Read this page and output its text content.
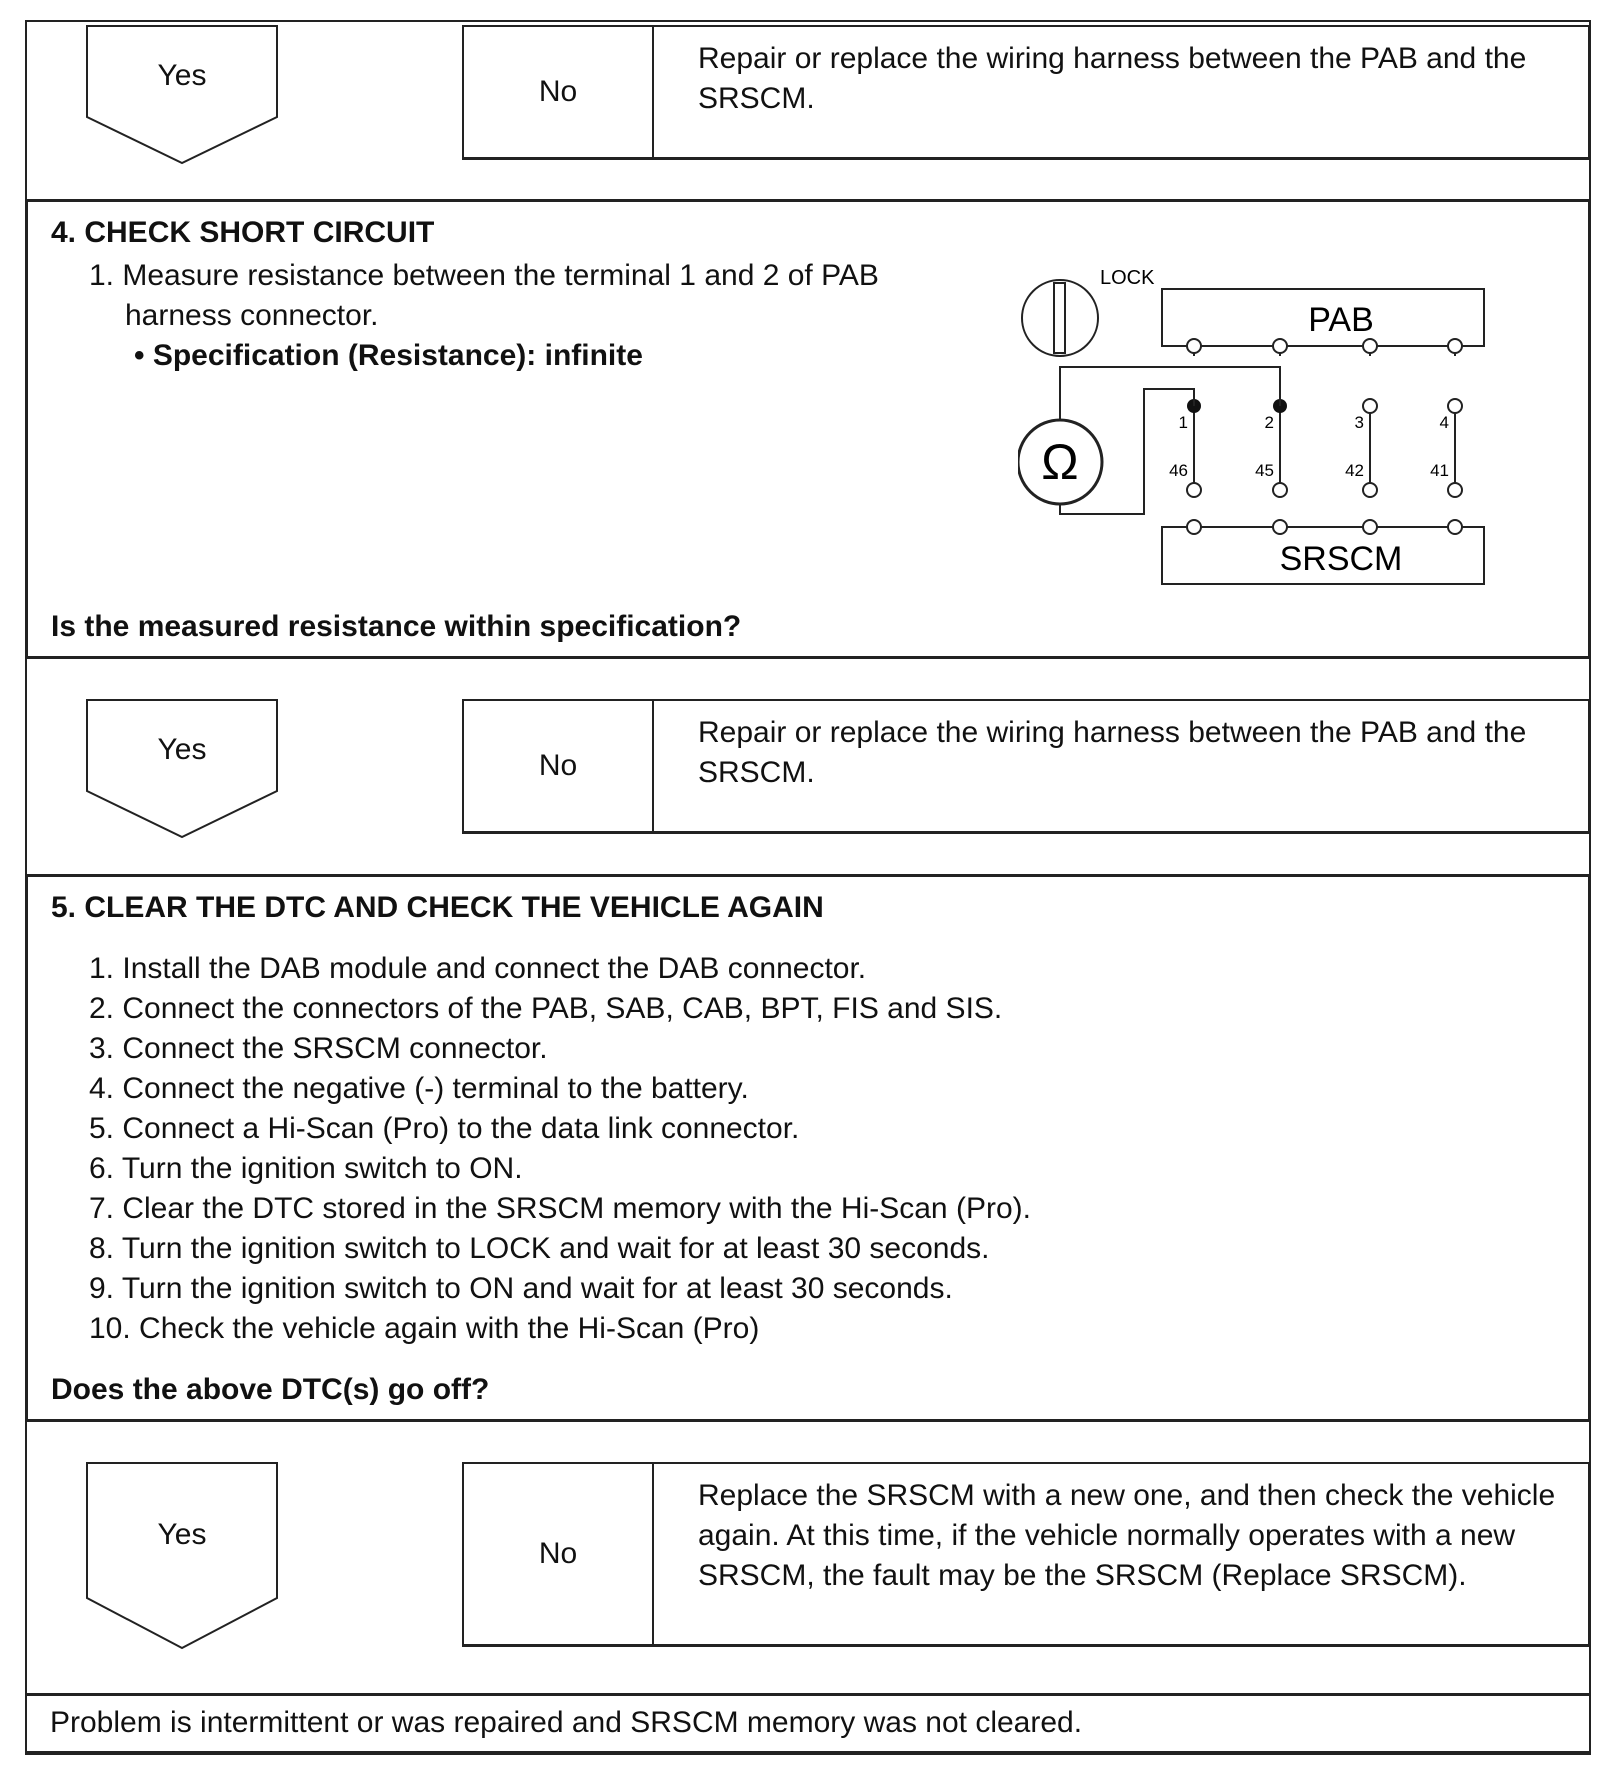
Yes	No
Repair or replace the wiring harness between the PAB and the SRSCM.
4. CHECK SHORT CIRCUIT
1. Measure resistance between the terminal 1 and 2 of PAB
harness connector.
• Specification (Resistance): infinite
Is the measured resistance within specification?
LOCK
PAB
SRSCM
Ω
1	2	3	4
46	45	42	41
Yes	No
Repair or replace the wiring harness between the PAB and the SRSCM.
5. CLEAR THE DTC AND CHECK THE VEHICLE AGAIN
1. Install the DAB module and connect the DAB connector.
2. Connect the connectors of the PAB, SAB, CAB, BPT, FIS and SIS.
3. Connect the SRSCM connector.
4. Connect the negative (-) terminal to the battery.
5. Connect a Hi-Scan (Pro) to the data link connector.
6. Turn the ignition switch to ON.
7. Clear the DTC stored in the SRSCM memory with the Hi-Scan (Pro).
8. Turn the ignition switch to LOCK and wait for at least 30 seconds.
9. Turn the ignition switch to ON and wait for at least 30 seconds.
10. Check the vehicle again with the Hi-Scan (Pro)
Does the above DTC(s) go off?
Yes
No
Replace the SRSCM with a new one, and then check the vehicle again. At this time, if the vehicle normally operates with a new SRSCM, the fault may be the SRSCM (Replace SRSCM).
Problem is intermittent or was repaired and SRSCM memory was not cleared.
